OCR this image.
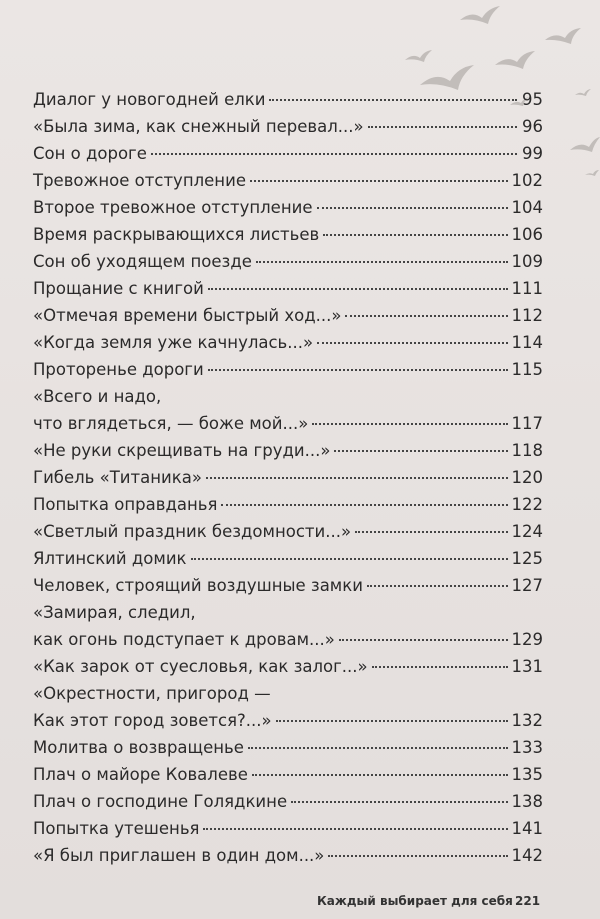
Диалог у новогодней елки	95
«Была зима, как снежный перевал...»	96
Сон о дороге	99
Тревожное отступление	102
Второе тревожное отступление	104
Время раскрывающихся листьев	106
Сон об уходящем поезде	109
Прощание с книгой	111
«Отмечая времени быстрый ход...»	112
«Когда земля уже качнулась...»	114
Проторенье дороги	115
«Всего и надо,
что вглядеться, — боже мой...»	117
«Не руки скрещивать на груди...»	118
Гибель «Титаника»	120
Попытка оправданья	122
«Светлый праздник бездомности...»	124
Ялтинский домик	125
Человек, строящий воздушные замки	127
«Замирая, следил,
как огонь подступает к дровам...»	129
«Как зарок от суесловья, как залог...»	131
«Окрестности, пригород —
Как этот город зовется?...»	132
Молитва о возвращенье	133
Плач о майоре Ковалеве	135
Плач о господине Голядкине	138
Попытка утешенья	141
«Я был приглашен в один дом...»	142
Каждый выбирает для себя 221
